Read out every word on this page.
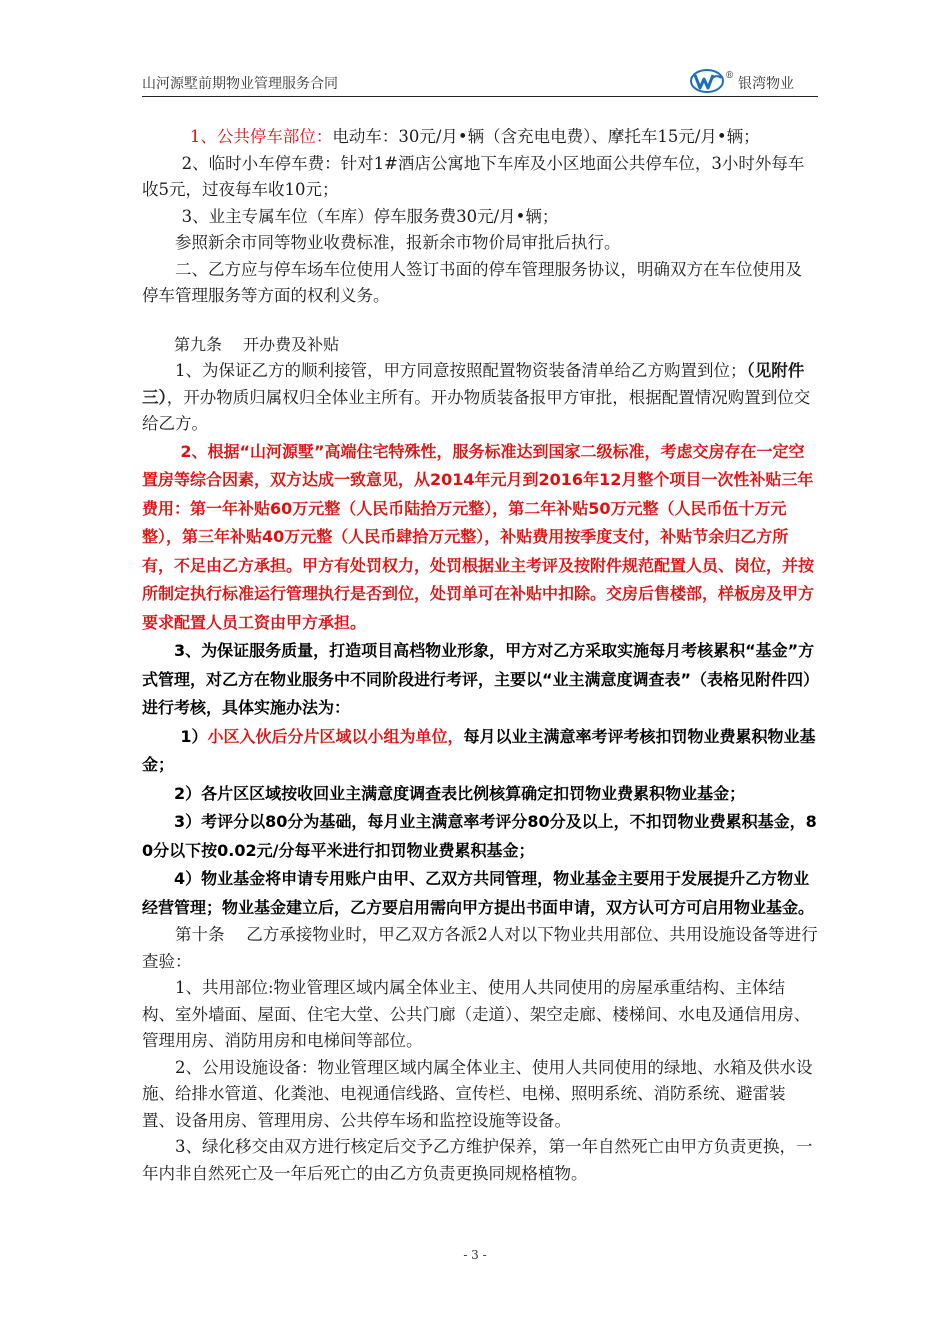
山河源墅前期物业管理服务合同	® 银湾物业

1、公共停车部位：电动车：30元/月•辆（含充电电费）、摩托车15元/月•辆；

2、临时小车停车费：针对1#酒店公寓地下车库及小区地面公共停车位，3小时外每车收5元，过夜每车收10元；

3、业主专属车位（车库）停车服务费30元/月•辆；

参照新余市同等物业收费标准，报新余市物价局审批后执行。

二、乙方应与停车场车位使用人签订书面的停车管理服务协议，明确双方在车位使用及停车管理服务等方面的权利义务。

第九条　 开办费及补贴

1、为保证乙方的顺利接管，甲方同意按照配置物资装备清单给乙方购置到位；（见附件三），开办物质归属权归全体业主所有。开办物质装备报甲方审批，根据配置情况购置到位交给乙方。

2、根据“山河源墅”高端住宅特殊性，服务标准达到国家二级标准，考虑交房存在一定空置房等综合因素，双方达成一致意见，从2014年元月到2016年12月整个项目一次性补贴三年费用：第一年补贴60万元整（人民币陆拾万元整），第二年补贴50万元整（人民币伍十万元整），第三年补贴40万元整（人民币肆拾万元整），补贴费用按季度支付，补贴节余归乙方所有，不足由乙方承担。甲方有处罚权力，处罚根据业主考评及按附件规范配置人员、岗位，并按所制定执行标准运行管理执行是否到位，处罚单可在补贴中扣除。交房后售楼部，样板房及甲方要求配置人员工资由甲方承担。

3、为保证服务质量，打造项目高档物业形象，甲方对乙方采取实施每月考核累积“基金”方式管理，对乙方在物业服务中不同阶段进行考评，主要以“业主满意度调查表”（表格见附件四）进行考核，具体实施办法为：

1）小区入伙后分片区域以小组为单位，每月以业主满意率考评考核扣罚物业费累积物业基金；

2）各片区区域按收回业主满意度调查表比例核算确定扣罚物业费累积物业基金；

3）考评分以80分为基础，每月业主满意率考评分80分及以上，不扣罚物业费累积基金，80分以下按0.02元/分每平米进行扣罚物业费累积基金；

4）物业基金将申请专用账户由甲、乙双方共同管理，物业基金主要用于发展提升乙方物业经营管理；物业基金建立后，乙方要启用需向甲方提出书面申请，双方认可方可启用物业基金。

第十条　 乙方承接物业时，甲乙双方各派2人对以下物业共用部位、共用设施设备等进行查验：

1、共用部位:物业管理区域内属全体业主、使用人共同使用的房屋承重结构、主体结构、室外墙面、屋面、住宅大堂、公共门廊（走道）、架空走廊、楼梯间、水电及通信用房、管理用房、消防用房和电梯间等部位。

2、公用设施设备：物业管理区域内属全体业主、使用人共同使用的绿地、水箱及供水设施、给排水管道、化粪池、电视通信线路、宣传栏、电梯、照明系统、消防系统、避雷装置、设备用房、管理用房、公共停车场和监控设施等设备。

3、绿化移交由双方进行核定后交予乙方维护保养，第一年自然死亡由甲方负责更换，一年内非自然死亡及一年后死亡的由乙方负责更换同规格植物。

- 3 -
